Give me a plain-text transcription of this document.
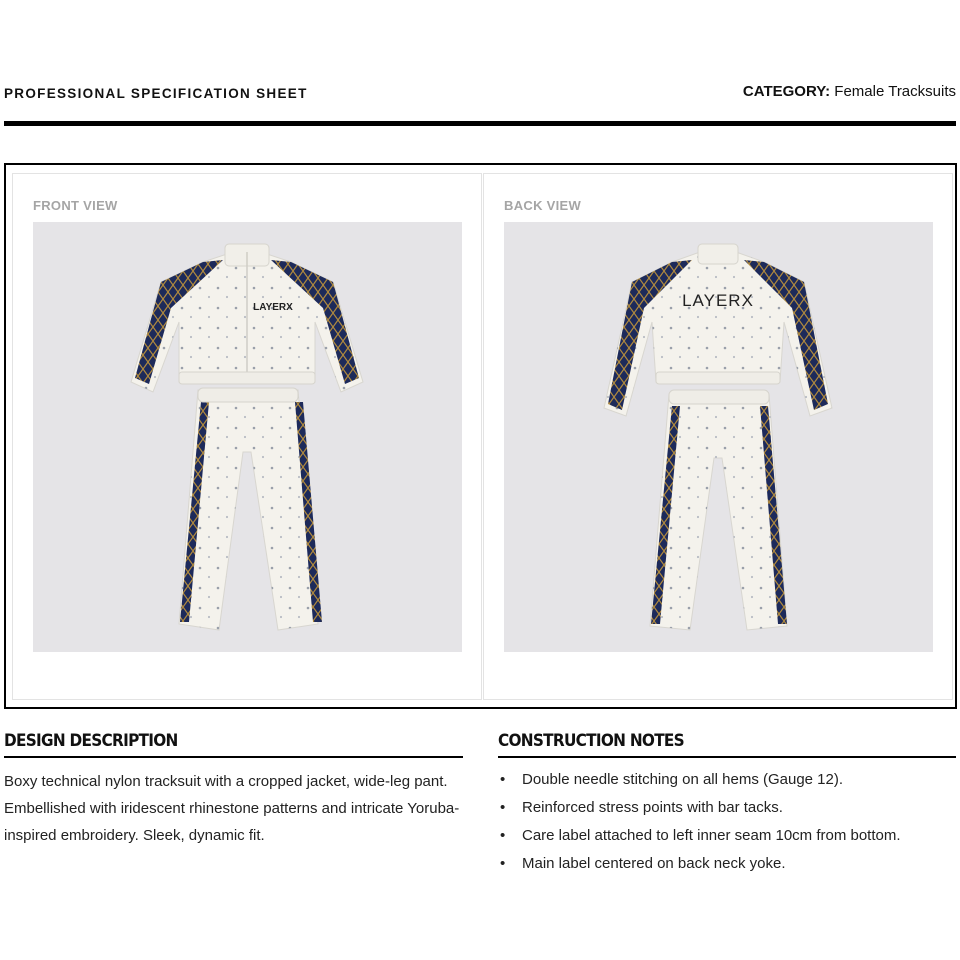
PROFESSIONAL SPECIFICATION SHEET	CATEGORY: Female Tracksuits
FRONT VIEW
LAYERX
BACK VIEW
LAYERX
DESIGN DESCRIPTION

Boxy technical nylon tracksuit with a cropped jacket, wide-leg pant. Embellished with iridescent rhinestone patterns and intricate Yoruba-inspired embroidery. Sleek, dynamic fit.

CONSTRUCTION NOTES
• Double needle stitching on all hems (Gauge 12).
• Reinforced stress points with bar tacks.
• Care label attached to left inner seam 10cm from bottom.
• Main label centered on back neck yoke.
